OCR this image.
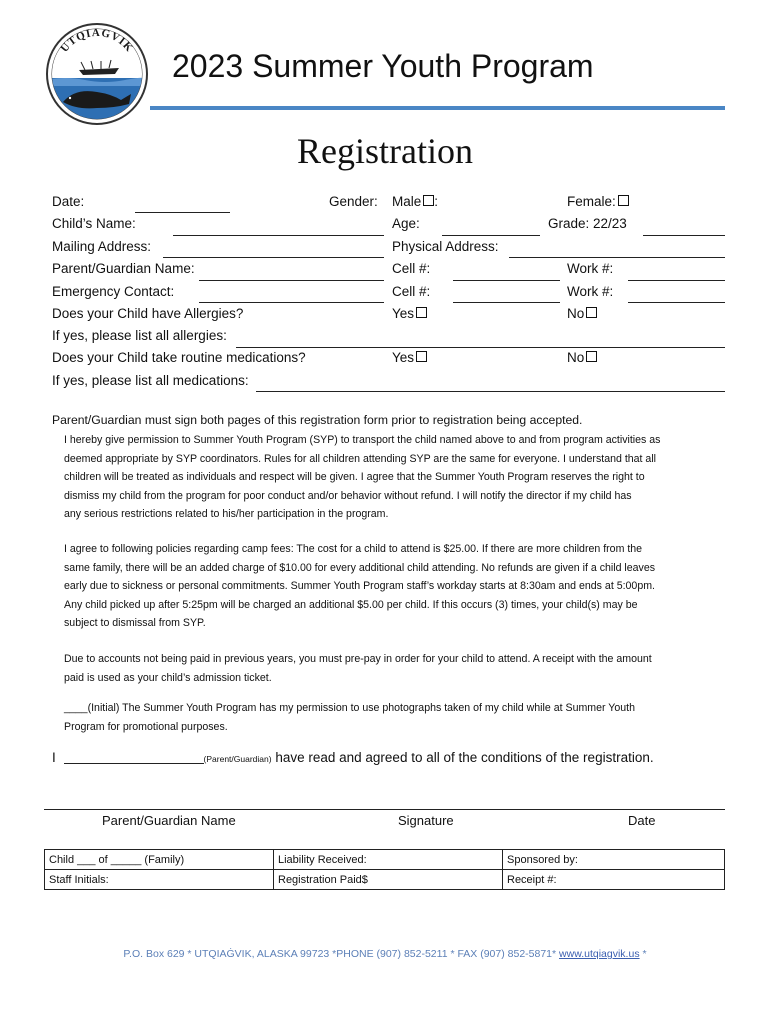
UTQIAGVIK
2023 Summer Youth Program
Registration
Date:	Gender: Male :	Female:
Child’s Name:	Age:	Grade: 22/23
Mailing Address:	Physical Address:
Parent/Guardian Name:	Cell #:	Work #:
Emergency Contact:	Cell #:	Work #:
Does your Child have Allergies?	Yes	No
If yes, please list all allergies:
Does your Child take routine medications?	Yes	No
If yes, please list all medications:
Parent/Guardian must sign both pages of this registration form prior to registration being accepted.
I hereby give permission to Summer Youth Program (SYP) to transport the child named above to and from program activities as
deemed appropriate by SYP coordinators. Rules for all children attending SYP are the same for everyone. I understand that all
children will be treated as individuals and respect will be given. I agree that the Summer Youth Program reserves the right to
dismiss my child from the program for poor conduct and/or behavior without refund. I will notify the director if my child has
any serious restrictions related to his/her participation in the program.
I agree to following policies regarding camp fees: The cost for a child to attend is $25.00. If there are more children from the
same family, there will be an added charge of $10.00 for every additional child attending. No refunds are given if a child leaves
early due to sickness or personal commitments. Summer Youth Program staff’s workday starts at 8:30am and ends at 5:00pm.
Any child picked up after 5:25pm will be charged an additional $5.00 per child. If this occurs (3) times, your child(s) may be
subject to dismissal from SYP.
Due to accounts not being paid in previous years, you must pre-pay in order for your child to attend. A receipt with the amount
paid is used as your child’s admission ticket.
____(Initial) The Summer Youth Program has my permission to use photographs taken of my child while at Summer Youth
Program for promotional purposes.
I	(Parent/Guardian) have read and agreed to all of the conditions of the registration.
Parent/Guardian Name	Signature	Date
Child ___ of _____ (Family)	Liability Received:	Sponsored by:
Staff Initials:	Registration Paid$	Receipt #:
P.O. Box 629 * UTQIAĠVIK, ALASKA 99723 *PHONE (907) 852-5211 * FAX (907) 852-5871* www.utqiagvik.us *
